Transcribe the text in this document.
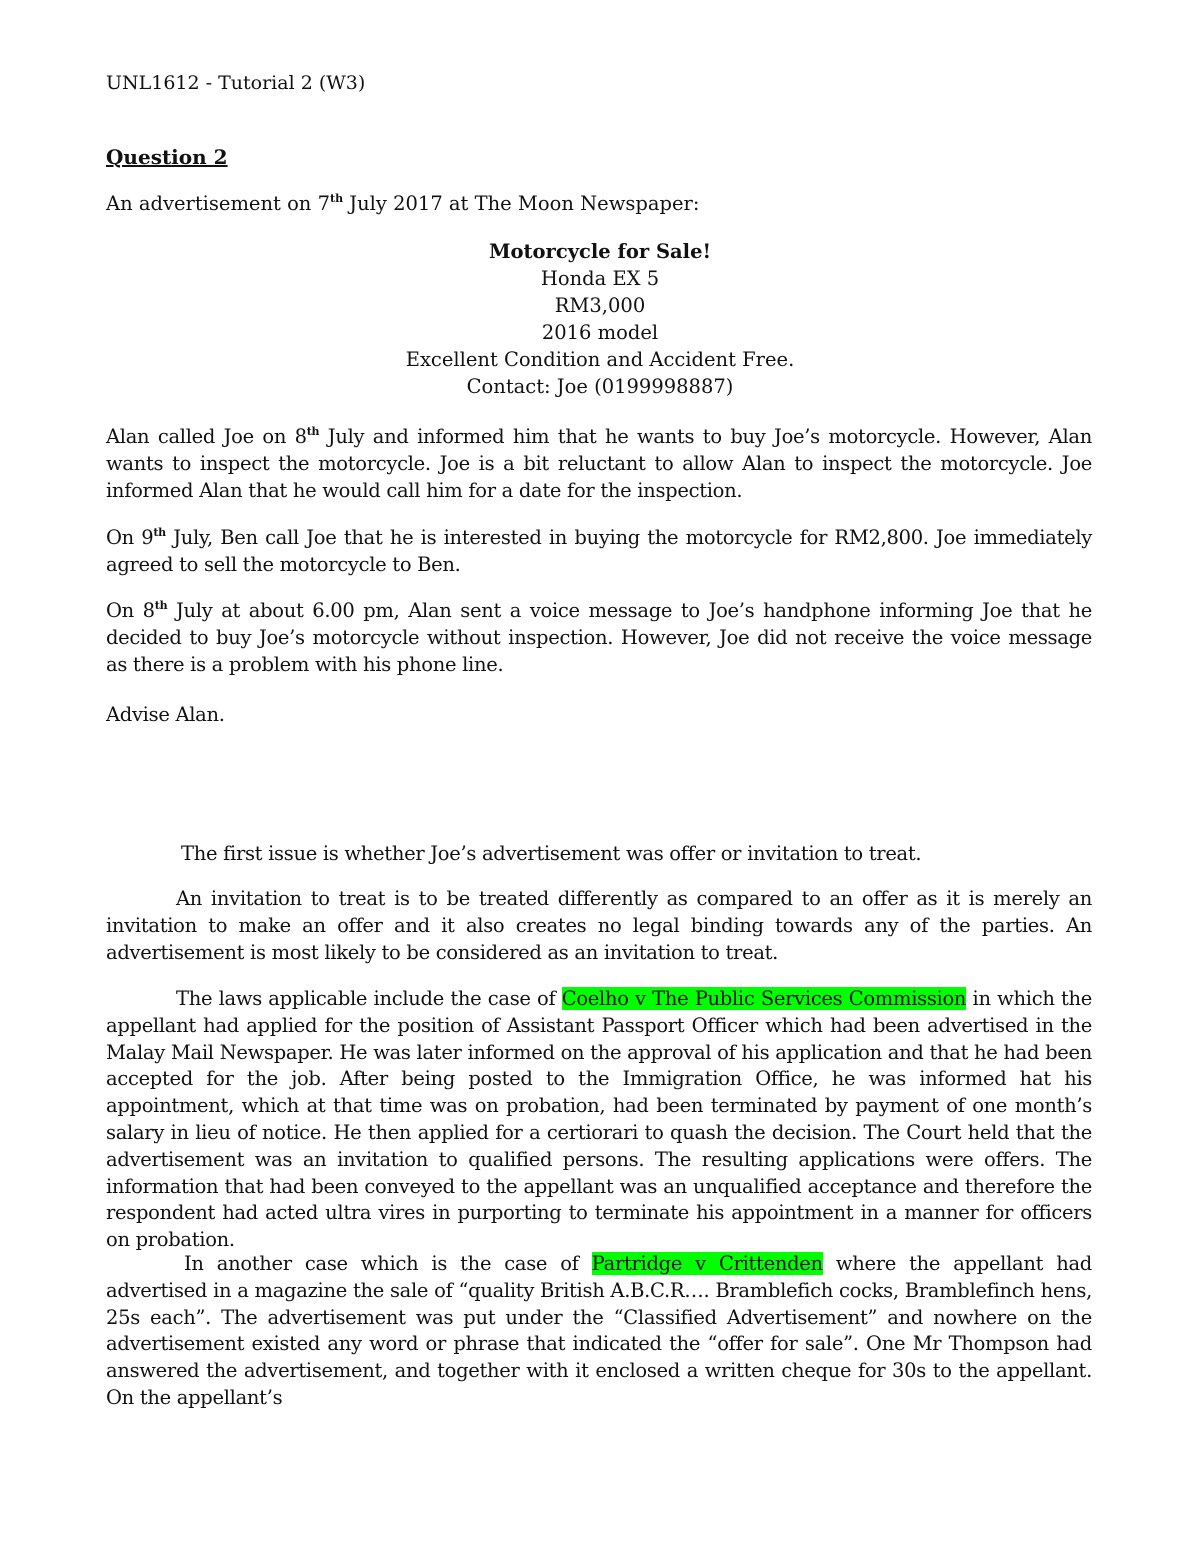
UNL1612 - Tutorial 2 (W3)
Question 2
An advertisement on 7th July 2017 at The Moon Newspaper:
Motorcycle for Sale!
Honda EX 5
RM3,000
2016 model
Excellent Condition and Accident Free.
Contact: Joe (0199998887)
Alan called Joe on 8th July and informed him that he wants to buy Joe’s motorcycle. However, Alan wants to inspect the motorcycle. Joe is a bit reluctant to allow Alan to inspect the motorcycle. Joe informed Alan that he would call him for a date for the inspection.
On 9th July, Ben call Joe that he is interested in buying the motorcycle for RM2,800. Joe immediately agreed to sell the motorcycle to Ben.
On 8th July at about 6.00 pm, Alan sent a voice message to Joe’s handphone informing Joe that he decided to buy Joe’s motorcycle without inspection. However, Joe did not receive the voice message as there is a problem with his phone line.
Advise Alan.
The first issue is whether Joe’s advertisement was offer or invitation to treat.
An invitation to treat is to be treated differently as compared to an offer as it is merely an invitation to make an offer and it also creates no legal binding towards any of the parties. An advertisement is most likely to be considered as an invitation to treat.
The laws applicable include the case of Coelho v The Public Services Commission in which the appellant had applied for the position of Assistant Passport Officer which had been advertised in the Malay Mail Newspaper. He was later informed on the approval of his application and that he had been accepted for the job. After being posted to the Immigration Office, he was informed hat his appointment, which at that time was on probation, had been terminated by payment of one month’s salary in lieu of notice. He then applied for a certiorari to quash the decision. The Court held that the advertisement was an invitation to qualified persons. The resulting applications were offers. The information that had been conveyed to the appellant was an unqualified acceptance and therefore the respondent had acted ultra vires in purporting to terminate his appointment in a manner for officers on probation.
In another case which is the case of Partridge v Crittenden where the appellant had advertised in a magazine the sale of “quality British A.B.C.R…. Bramblefich cocks, Bramblefinch hens, 25s each”. The advertisement was put under the “Classified Advertisement” and nowhere on the advertisement existed any word or phrase that indicated the “offer for sale”. One Mr Thompson had answered the advertisement, and together with it enclosed a written cheque for 30s to the appellant. On the appellant’s
